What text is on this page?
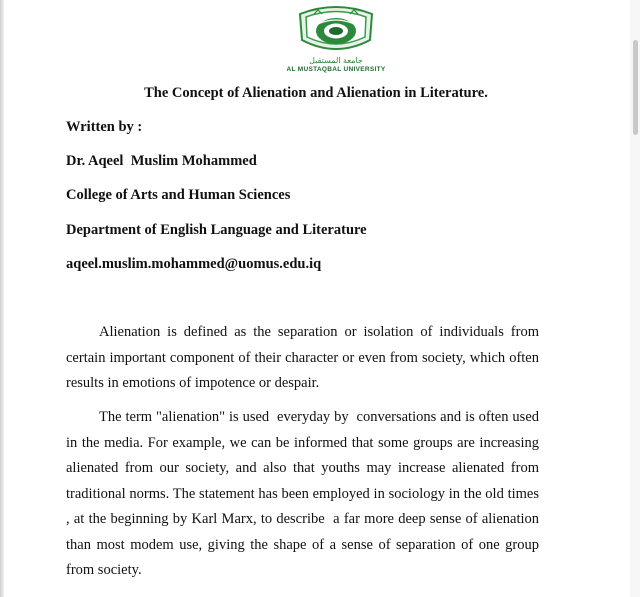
جامعة المستقبل
AL MUSTAQBAL UNIVERSITY
The Concept of Alienation and Alienation in Literature.
Written by :
Dr. Aqeel  Muslim Mohammed
College of Arts and Human Sciences
Department of English Language and Literature
aqeel.muslim.mohammed@uomus.edu.iq
Alienation is defined as the separation or isolation of individuals from certain important component of their character or even from society, which often results in emotions of impotence or despair.
The term "alienation" is used  everyday by  conversations and is often used in the media. For example, we can be informed that some groups are increasing alienated from our society, and also that youths may increase alienated from traditional norms. The statement has been employed in sociology in the old times , at the beginning by Karl Marx, to describe  a far more deep sense of alienation than most modem use, giving the shape of a sense of separation of one group from society.
